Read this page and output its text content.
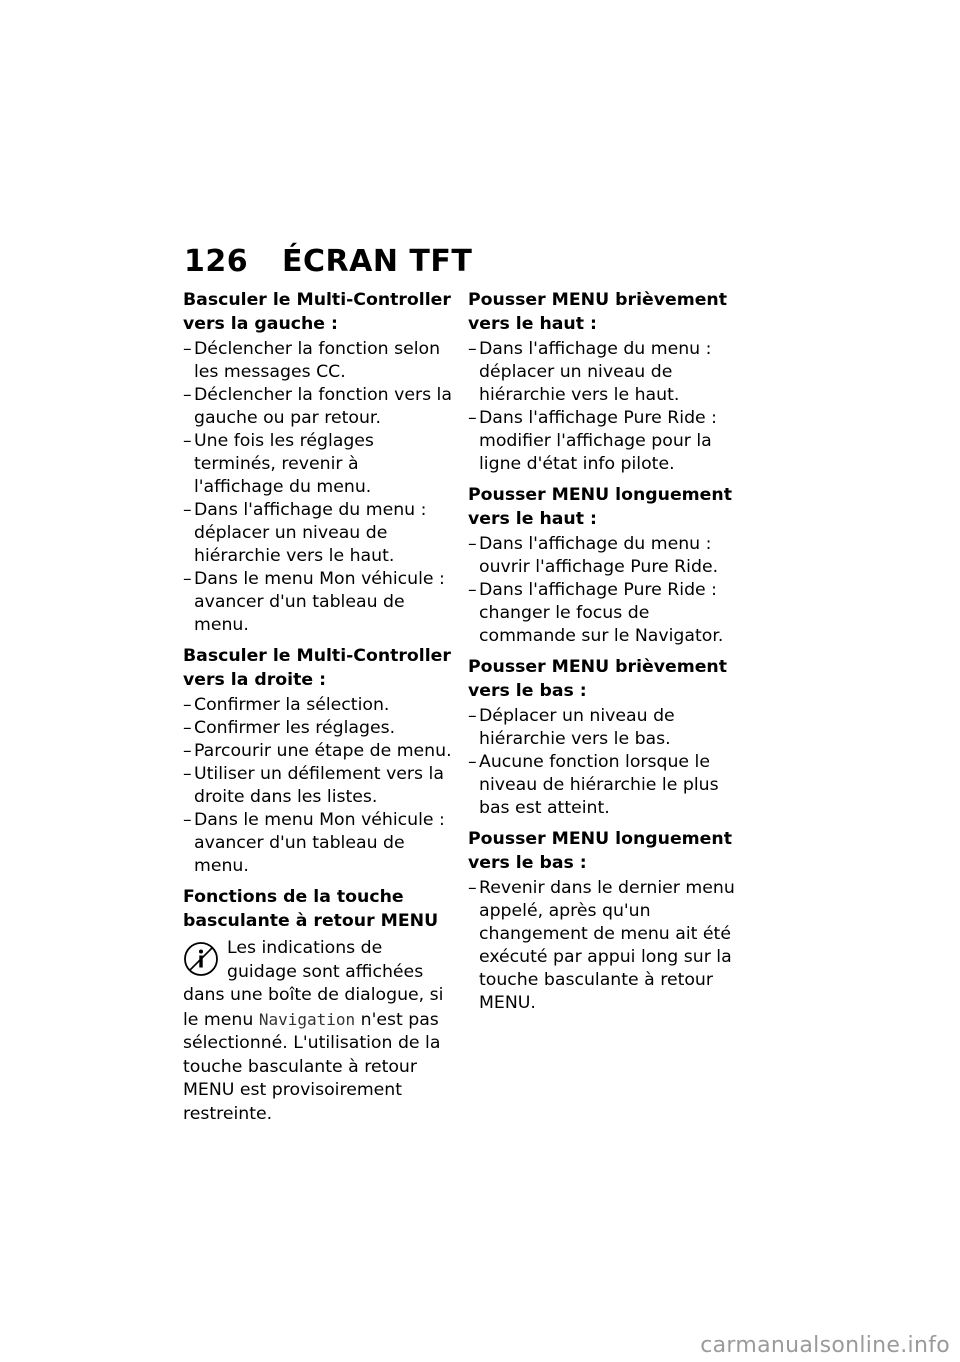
126 ÉCRAN TFT
Basculer le Multi-Controller vers la gauche :
– Déclencher la fonction selon les messages CC.
– Déclencher la fonction vers la gauche ou par retour.
– Une fois les réglages terminés, revenir à l'affichage du menu.
– Dans l'affichage du menu : déplacer un niveau de hiérarchie vers le haut.
– Dans le menu Mon véhicule : avancer d'un tableau de menu.
Basculer le Multi-Controller vers la droite :
– Confirmer la sélection.
– Confirmer les réglages.
– Parcourir une étape de menu.
– Utiliser un défilement vers la droite dans les listes.
– Dans le menu Mon véhicule : avancer d'un tableau de menu.
Fonctions de la touche basculante à retour MENU
Les indications de guidage sont affichées dans une boîte de dialogue, si le menu Navigation n'est pas sélectionné. L'utilisation de la touche basculante à retour MENU est provisoirement restreinte.
Pousser MENU brièvement vers le haut :
– Dans l'affichage du menu : déplacer un niveau de hiérarchie vers le haut.
– Dans l'affichage Pure Ride : modifier l'affichage pour la ligne d'état info pilote.
Pousser MENU longuement vers le haut :
– Dans l'affichage du menu : ouvrir l'affichage Pure Ride.
– Dans l'affichage Pure Ride : changer le focus de commande sur le Navigator.
Pousser MENU brièvement vers le bas :
– Déplacer un niveau de hiérarchie vers le bas.
– Aucune fonction lorsque le niveau de hiérarchie le plus bas est atteint.
Pousser MENU longuement vers le bas :
– Revenir dans le dernier menu appelé, après qu'un changement de menu ait été exécuté par appui long sur la touche basculante à retour MENU.
carmanualsonline.info
